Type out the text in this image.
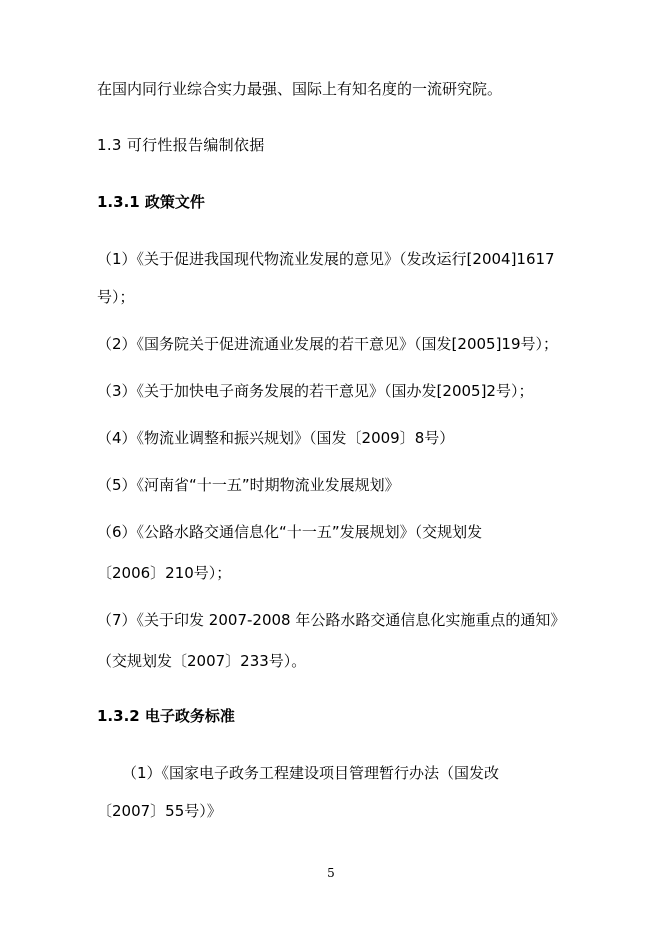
在国内同行业综合实力最强、国际上有知名度的一流研究院。
1.3 可行性报告编制依据
1.3.1 政策文件
（1）《关于促进我国现代物流业发展的意见》（发改运行[2004]1617
号）；
（2）《国务院关于促进流通业发展的若干意见》（国发[2005]19号）；
（3）《关于加快电子商务发展的若干意见》（国办发[2005]2号）；
（4）《物流业调整和振兴规划》（国发〔2009〕8号）
（5）《河南省“十一五”时期物流业发展规划》
（6）《公路水路交通信息化“十一五”发展规划》（交规划发
〔2006〕210号）；
（7）《关于印发 2007-2008 年公路水路交通信息化实施重点的通知》
（交规划发〔2007〕233号）。
1.3.2 电子政务标准
（1）《国家电子政务工程建设项目管理暂行办法（国发改
〔2007〕55号）》
5
